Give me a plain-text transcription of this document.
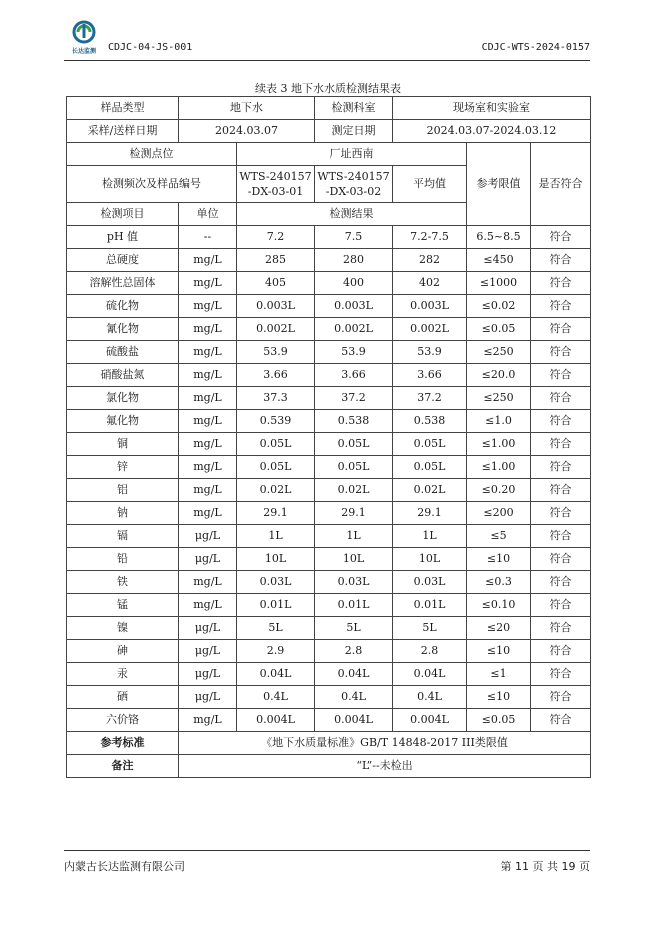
长达监测	CDJC-04-JS-001	CDJC-WTS-2024-0157
续表 3 地下水水质检测结果表
样品类型	地下水		检测科室	现场室和实验室		
采样/送样日期	2024.03.07		测定日期	2024.03.07-2024.03.12		
检测点位		厂址西南			参考限值	是否符合
检测频次及样品编号		WTS-240157 -DX-03-01	WTS-240157 -DX-03-02	平均值		
检测项目	单位	检测结果				
pH 值	--	7.2	7.5	7.2-7.5	6.5~8.5	符合
总硬度	mg/L	285	280	282	≤450	符合
溶解性总固体	mg/L	405	400	402	≤1000	符合
硫化物	mg/L	0.003L	0.003L	0.003L	≤0.02	符合
氰化物	mg/L	0.002L	0.002L	0.002L	≤0.05	符合
硫酸盐	mg/L	53.9	53.9	53.9	≤250	符合
硝酸盐氮	mg/L	3.66	3.66	3.66	≤20.0	符合
氯化物	mg/L	37.3	37.2	37.2	≤250	符合
氟化物	mg/L	0.539	0.538	0.538	≤1.0	符合
铜	mg/L	0.05L	0.05L	0.05L	≤1.00	符合
锌	mg/L	0.05L	0.05L	0.05L	≤1.00	符合
铝	mg/L	0.02L	0.02L	0.02L	≤0.20	符合
钠	mg/L	29.1	29.1	29.1	≤200	符合
镉	μg/L	1L	1L	1L	≤5	符合
铅	μg/L	10L	10L	10L	≤10	符合
铁	mg/L	0.03L	0.03L	0.03L	≤0.3	符合
锰	mg/L	0.01L	0.01L	0.01L	≤0.10	符合
镍	μg/L	5L	5L	5L	≤20	符合
砷	μg/L	2.9	2.8	2.8	≤10	符合
汞	μg/L	0.04L	0.04L	0.04L	≤1	符合
硒	μg/L	0.4L	0.4L	0.4L	≤10	符合
六价铬	mg/L	0.004L	0.004L	0.004L	≤0.05	符合
参考标准	《地下水质量标准》GB/T 14848-2017 III类限值					
备注	“L”--未检出					
内蒙古长达监测有限公司	第 11 页 共 19 页
